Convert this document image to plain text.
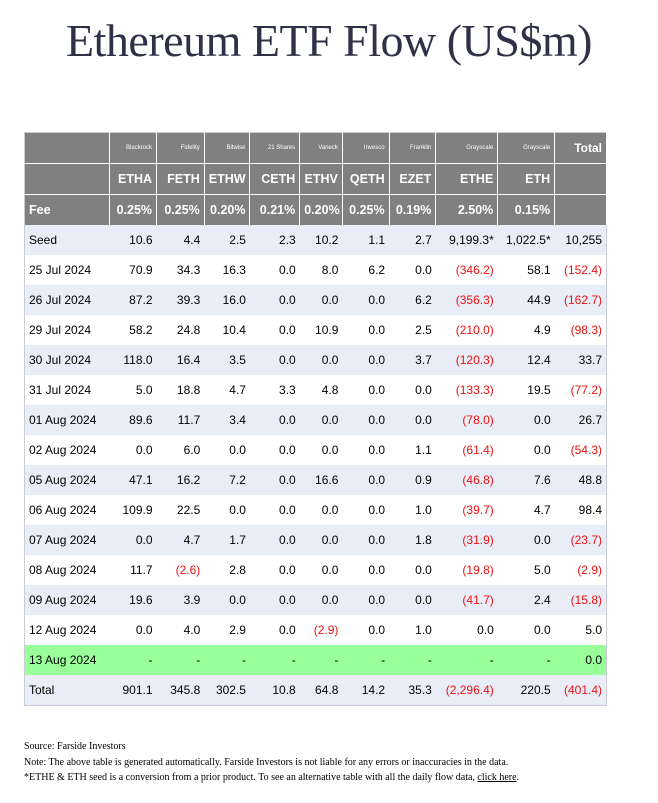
Ethereum ETF Flow (US$m)
	Blackrock	Fidelity	Bitwise	21 Shares	Vaneck	Invesco	Franklin	Grayscale	Grayscale	Total
	ETHA	FETH	ETHW	CETH	ETHV	QETH	EZET	ETHE	ETH	
Fee	0.25%	0.25%	0.20%	0.21%	0.20%	0.25%	0.19%	2.50%	0.15%	
Seed	10.6	4.4	2.5	2.3	10.2	1.1	2.7	9,199.3*	1,022.5*	10,255
25 Jul 2024	70.9	34.3	16.3	0.0	8.0	6.2	0.0	(346.2)	58.1	(152.4)
26 Jul 2024	87.2	39.3	16.0	0.0	0.0	0.0	6.2	(356.3)	44.9	(162.7)
29 Jul 2024	58.2	24.8	10.4	0.0	10.9	0.0	2.5	(210.0)	4.9	(98.3)
30 Jul 2024	118.0	16.4	3.5	0.0	0.0	0.0	3.7	(120.3)	12.4	33.7
31 Jul 2024	5.0	18.8	4.7	3.3	4.8	0.0	0.0	(133.3)	19.5	(77.2)
01 Aug 2024	89.6	11.7	3.4	0.0	0.0	0.0	0.0	(78.0)	0.0	26.7
02 Aug 2024	0.0	6.0	0.0	0.0	0.0	0.0	1.1	(61.4)	0.0	(54.3)
05 Aug 2024	47.1	16.2	7.2	0.0	16.6	0.0	0.9	(46.8)	7.6	48.8
06 Aug 2024	109.9	22.5	0.0	0.0	0.0	0.0	1.0	(39.7)	4.7	98.4
07 Aug 2024	0.0	4.7	1.7	0.0	0.0	0.0	1.8	(31.9)	0.0	(23.7)
08 Aug 2024	11.7	(2.6)	2.8	0.0	0.0	0.0	0.0	(19.8)	5.0	(2.9)
09 Aug 2024	19.6	3.9	0.0	0.0	0.0	0.0	0.0	(41.7)	2.4	(15.8)
12 Aug 2024	0.0	4.0	2.9	0.0	(2.9)	0.0	1.0	0.0	0.0	5.0
13 Aug 2024	-	-	-	-	-	-	-	-	-	0.0
Total	901.1	345.8	302.5	10.8	64.8	14.2	35.3	(2,296.4)	220.5	(401.4)
Source: Farside Investors
Note: The above table is generated automatically. Farside Investors is not liable for any errors or inaccuracies in the data.
*ETHE & ETH seed is a conversion from a prior product. To see an alternative table with all the daily flow data, click here.
